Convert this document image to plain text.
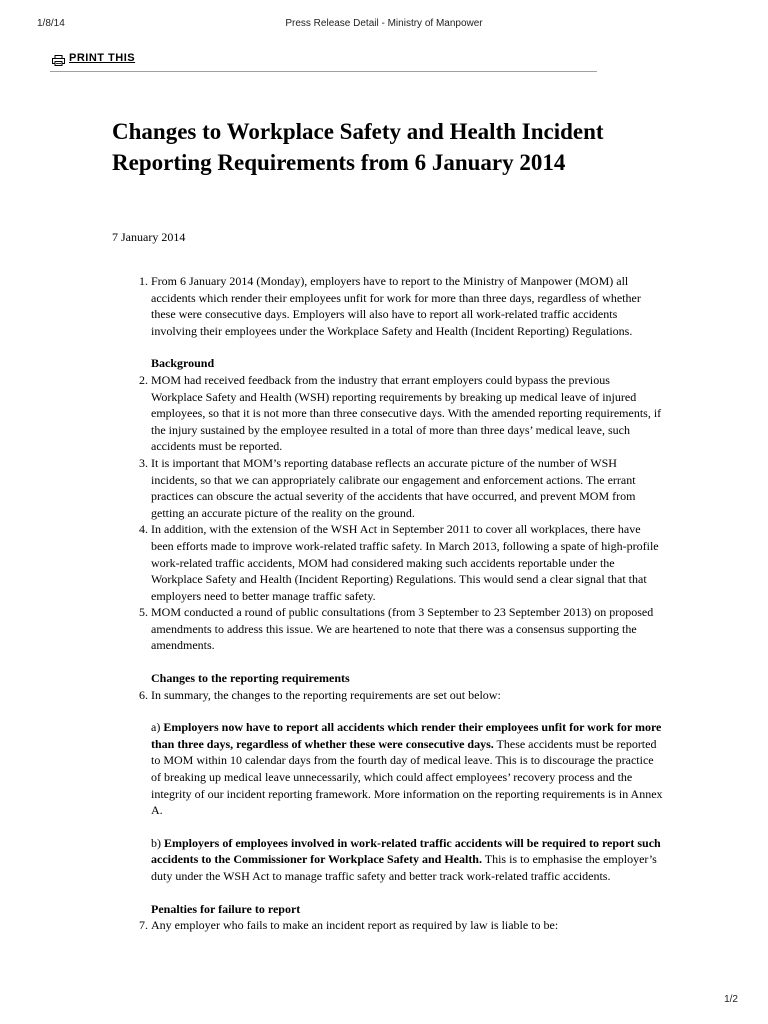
1/8/14	Press Release Detail - Ministry of Manpower
PRINT THIS
Changes to Workplace Safety and Health Incident Reporting Requirements from 6 January 2014

7 January 2014

1. From 6 January 2014 (Monday), employers have to report to the Ministry of Manpower (MOM) all accidents which render their employees unfit for work for more than three days, regardless of whether these were consecutive days. Employers will also have to report all work-related traffic accidents involving their employees under the Workplace Safety and Health (Incident Reporting) Regulations.
Background
2. MOM had received feedback from the industry that errant employers could bypass the previous Workplace Safety and Health (WSH) reporting requirements by breaking up medical leave of injured employees, so that it is not more than three consecutive days. With the amended reporting requirements, if the injury sustained by the employee resulted in a total of more than three days’ medical leave, such accidents must be reported.
3. It is important that MOM’s reporting database reflects an accurate picture of the number of WSH incidents, so that we can appropriately calibrate our engagement and enforcement actions. The errant practices can obscure the actual severity of the accidents that have occurred, and prevent MOM from getting an accurate picture of the reality on the ground.
4. In addition, with the extension of the WSH Act in September 2011 to cover all workplaces, there have been efforts made to improve work-related traffic safety. In March 2013, following a spate of high-profile work-related traffic accidents, MOM had considered making such accidents reportable under the Workplace Safety and Health (Incident Reporting) Regulations. This would send a clear signal that that employers need to better manage traffic safety.
5. MOM conducted a round of public consultations (from 3 September to 23 September 2013) on proposed amendments to address this issue. We are heartened to note that there was a consensus supporting the amendments.
Changes to the reporting requirements
6. In summary, the changes to the reporting requirements are set out below:
a) Employers now have to report all accidents which render their employees unfit for work for more than three days, regardless of whether these were consecutive days. These accidents must be reported to MOM within 10 calendar days from the fourth day of medical leave. This is to discourage the practice of breaking up medical leave unnecessarily, which could affect employees’ recovery process and the integrity of our incident reporting framework. More information on the reporting requirements is in Annex A.
b) Employers of employees involved in work-related traffic accidents will be required to report such accidents to the Commissioner for Workplace Safety and Health. This is to emphasise the employer’s duty under the WSH Act to manage traffic safety and better track work-related traffic accidents.
Penalties for failure to report
7. Any employer who fails to make an incident report as required by law is liable to be:
1/2
